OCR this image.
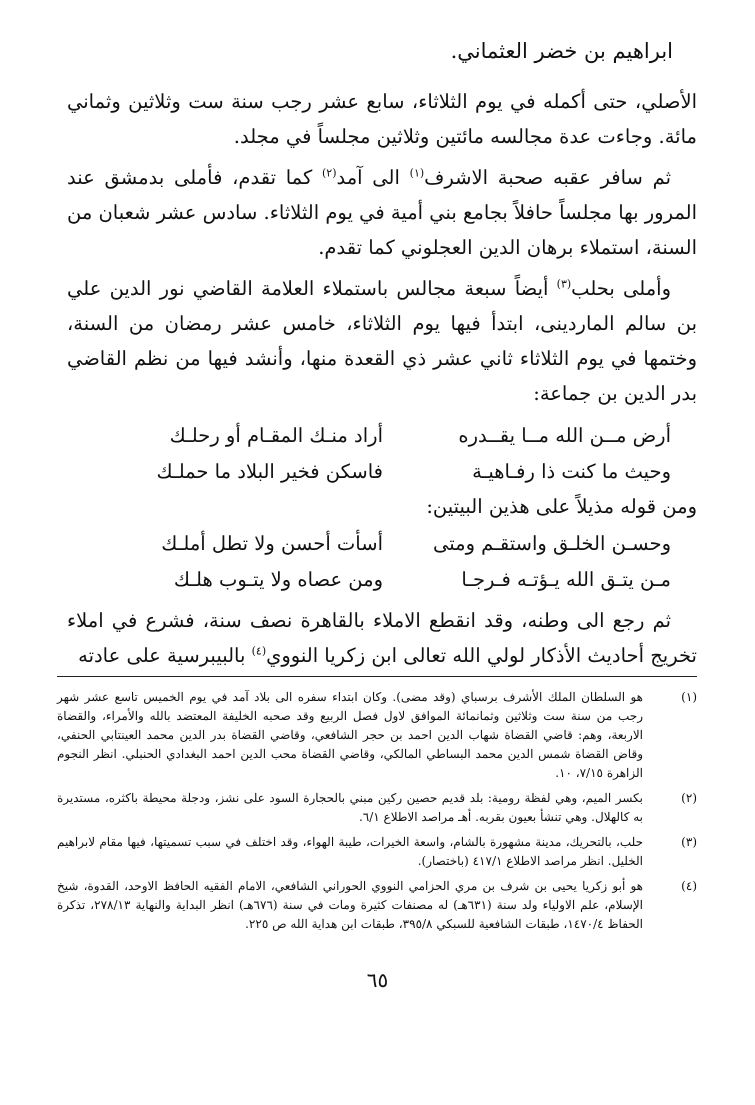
ابراهيم بن خضر العثماني.

الأصلي، حتى أكمله في يوم الثلاثاء، سابع عشر رجب سنة ست وثلاثين وثماني مائة. وجاءت عدة مجالسه مائتين وثلاثين مجلساً في مجلد.

ثم سافر عقبه صحبة الاشرف$^{(١)}$ الى آمد$^{(٢)}$ كما تقدم، فأملى بدمشق عند المرور بها مجلساً حافلاً بجامع بني أمية في يوم الثلاثاء. سادس عشر شعبان من السنة، استملاء برهان الدين العجلوني كما تقدم.

وأملى بحلب$^{(٣)}$ أيضاً سبعة مجالس باستملاء العلامة القاضي نور الدين علي بن سالم الماردينى، ابتدأ فيها يوم الثلاثاء، خامس عشر رمضان من السنة، وختمها في يوم الثلاثاء ثاني عشر ذي القعدة منها، وأنشد فيها من نظم القاضي بدر الدين بن جماعة:

أرض مــن الله مــا يقــدره
أراد منـك المقـام أو رحلـك
وحيث ما كنت ذا رفـاهيـة
فاسكن فخير البلاد ما حملـك
ومن قوله مذيلاً على هذين البيتين:
وحسـن الخلـق واستقـم ومتى
أسأت أحسن ولا تطل أملـك
مـن يتـق الله يـؤتـه فـرجـا
ومن عصاه ولا يتـوب هلـك

ثم رجع الى وطنه، وقد انقطع الاملاء بالقاهرة نصف سنة، فشرع في املاء تخريج أحاديث الأذكار لولي الله تعالى ابن زكريا النووي$^{(٤)}$ بالبيبرسية على عادته

(١)
هو السلطان الملك الأشرف برسباي (وقد مضى). وكان ابتداء سفره الى بلاد آمد في يوم الخميس تاسع عشر شهر رجب من سنة ست وثلاثين وثمانمائة الموافق لاول فصل الربيع وقد صحبه الخليفة المعتضد بالله والأمراء، والقضاة الاربعة، وهم: قاضي القضاة شهاب الدين احمد بن حجر الشافعي، وقاضي القضاة بدر الدين محمد العينتابي الحنفي، وقاض القضاة شمس الدين محمد البساطي المالكي، وقاضي القضاة محب الدين احمد البغدادي الحنبلي. انظر النجوم الزاهرة ٧/١٥، ١٠.
(٢)
بكسر الميم، وهي لفظة رومية: بلد قديم حصين ركين مبني بالحجارة السود على نشز، ودجلة محيطة باكثره، مستديرة به كالهلال. وهي تنشأ بعيون بقربه. أهـ مراصد الاطلاع ٦/١.
(٣)
حلب، بالتحريك، مدينة مشهورة بالشام، واسعة الخيرات، طيبة الهواء، وقد اختلف في سبب تسميتها، فيها مقام لابراهيم الخليل. انظر مراصد الاطلاع ٤١٧/١ (باختصار).
(٤)
هو أبو زكريا يحيى بن شرف بن مري الحزامي النووي الحوراني الشافعي، الامام الفقيه الحافظ الاوحد، القدوة، شيخ الإسلام، علم الاولياء ولد سنة (٦٣١هـ) له مصنفات كثيرة ومات في سنة (٦٧٦هـ) انظر البداية والنهاية ٢٧٨/١٣، تذكرة الحفاظ ١٤٧٠/٤، طبقات الشافعية للسبكي ٣٩٥/٨، طبقات ابن هداية الله ص ٢٢٥.
٦٥
